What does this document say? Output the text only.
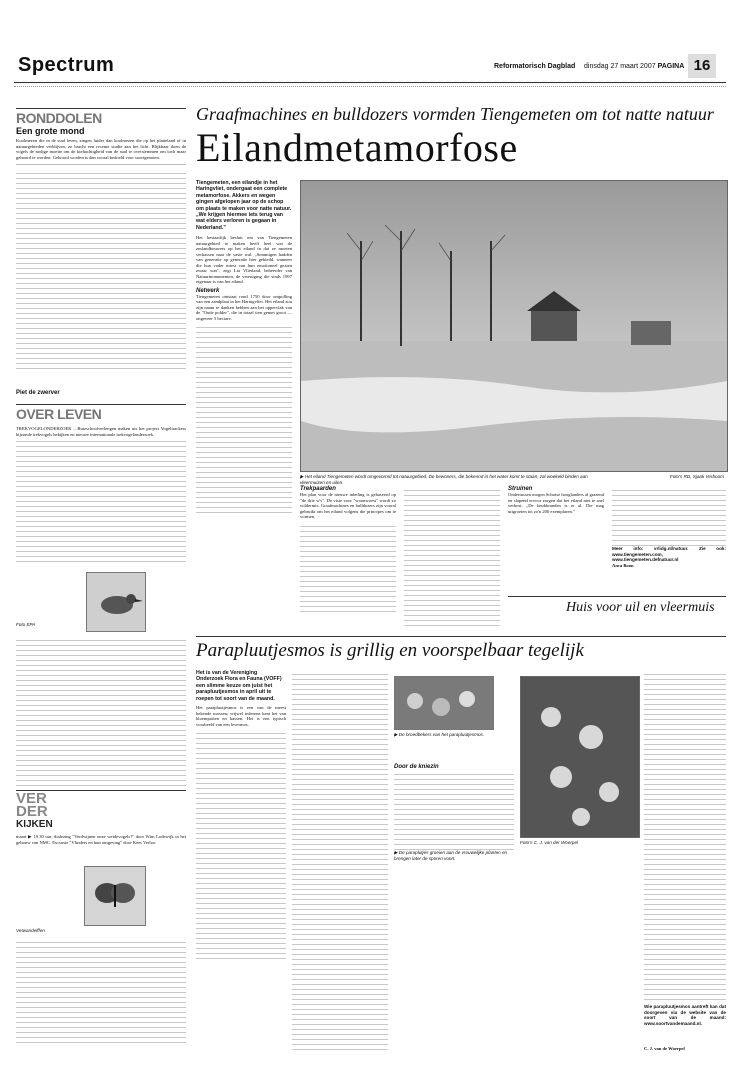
Spectrum	Reformatorisch Dagblad dinsdag 27 maart 2007 PAGINA 16
RONDDOLEN
Een grote mond
Koolmezen die in de stad leven, zingen luider dan koolmezen die op het platteland of in natuurgebieden verblijven, zo bracht een recente studie aan het licht. Blijkbaar doen de vogels de nodige moeite om de kiehachtigheid van de stad te overstemmen om toch maar gehoord te worden. Gehoord worden is dan vooral bedoeld voor soortgenoten.
Piet de zwerver
OVER LEVEN
TREKVOGELONDERZOEK – Buizschoolverlengen maken uis het project Vogeltrackers bijzonde trekvogels bekijken en nieuwe internationale trekvogelonderzoek.
Foto EPA
VER
DER
KIJKEN
maart ▶ 19.30 uur, dialezing "Verdwijnen onze weidevogels?" door Wim Lodewijk in het gebouw van NMC. Excursie "Vlinders en hun omgeving" door Kees Verloo.
Vetwandelffen
Graafmachines en bulldozers vormden Tiengemeten om tot natte natuur
Eilandmetamorfose
Tiengemeten, een eilandje in het Haringvliet, ondergaat een complete metamorfose. Akkers en wegen gingen afgelopen jaar op de schop om plaats te maken voor natte natuur. „We krijgen hiermee iets terug van wat elders verloren is gegaan in Nederland."
Het bestaatfijk besluit om van Tiengemeten natuurgebied te maken heeft heel wat de zeslandbouwers op het eiland in dat ze moeten verkassen naar de vaste wal. „Sommigen hadden van generatie op generatie hier gebiedd, wanneer die hun vader miest van hun emotioneel gezien zwaar was", zegt Lia Vlietland, beheerder van Natuurmonumenten, de vereniging die sinds 1997 eigenaar is van het eiland.
Netwerk
Tiengemeten ontstaat rond 1750 door ontpolling van een zandplaat in het Haringvliet. Het eiland zou zijn naam te danken hebben aan het oppervlak van de "Oude polder", die in totaal tien gemet groot — ongeveer 5 hectare.
▶ Het eiland Tiengemeten wordt omgevormd tot natuurgebied. De bewoners, die bekennd in het water komt te staan, zal woekeld binden aan vleermuizen en uilen.
Foto's RD, Sjaak Verboom
Trekpaarden
Het plan voor de nieuwe inbeling is gebaseerd op "de drie w's". De visie voor "woonwoest" wordt zo wildermis. Graafmachines en bulldozers zijn vooral gebruikt om het eiland volgens die principes om te vormen.
Struinen
Ondertussen mogen Schotse hooglanders al grazend en slapend ervoor zorgen dat het eiland niet te snel verbost. „De beukbranden is er al. Die mag uitgroeien tot zo'n 200 exemplaren."
Meer info: vrlidg.nl/natuur. Zie ook: www.tiengemeten.com, www.tiengemeten.defnatuur.nl
Anca Boon
Huis voor uil en vleermuis
Parapluutjesmos is grillig en voorspelbaar tegelijk
Het is van de Vereniging Onderzoek Flora en Fauna (VOFF) een slimme keuze om juist het parapluutjesmos in april uit te roepen tot soort van de maand.
Het parapluutjesmos is een van de meest bekende mossen; vrijwel iedereen kent het van bloempotten en kassen. Het is een typisch voorbeeld van een levermos.
▶ De broedbekers van het parapluutjesmos.
Door de kniezin
▶ De paraplutjes groeien aan de vrouwelijke planten en brengen later de sporen voort.
Foto's C. J. van der Woerpel
Wie parapluutjesmos aantreft kan dat doorgeven via de website van de soort van de maand: www.soortvandemaand.nl.
C. J. van de Woerpel
